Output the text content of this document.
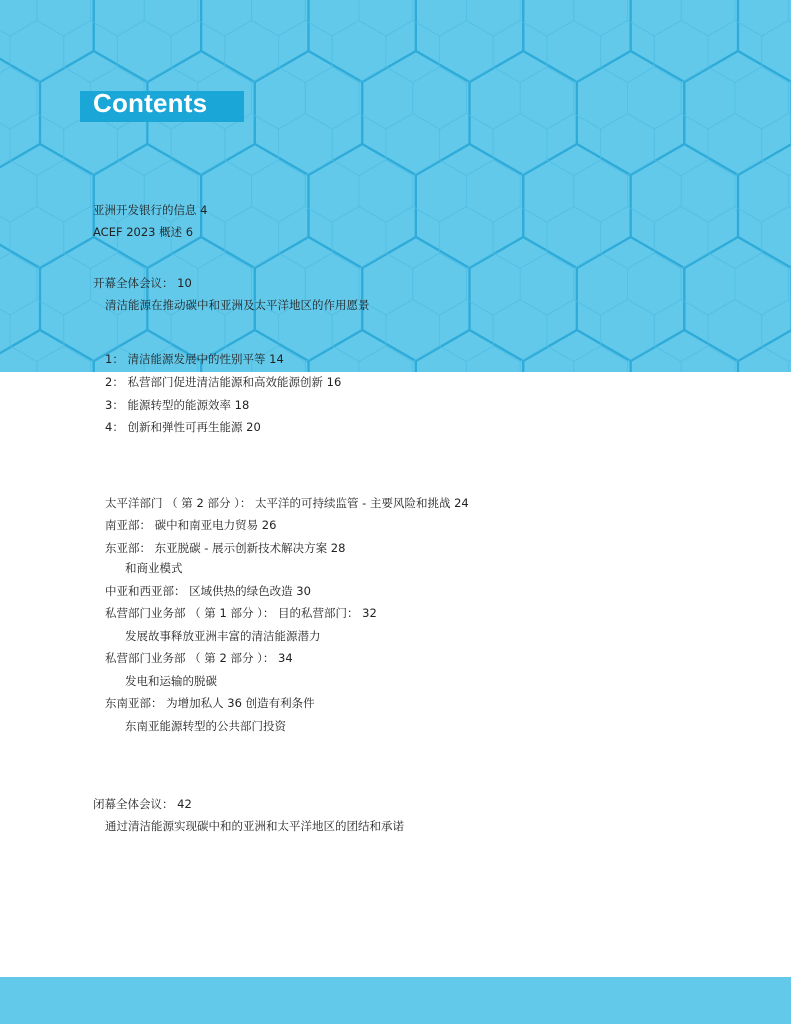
Contents
亚洲开发银行的信息 4
ACEF 2023 概述 6
开幕全体会议： 10
清洁能源在推动碳中和亚洲及太平洋地区的作用愿景
1： 清洁能源发展中的性别平等 14
2： 私营部门促进清洁能源和高效能源创新 16
3： 能源转型的能源效率 18
4： 创新和弹性可再生能源 20
太平洋部门 （ 第 2 部分 ）： 太平洋的可持续监管 - 主要风险和挑战 24
南亚部： 碳中和南亚电力贸易 26
东亚部： 东亚脱碳 - 展示创新技术解决方案 28
和商业模式
中亚和西亚部： 区域供热的绿色改造 30
私营部门业务部 （ 第 1 部分 ）： 目的私营部门： 32
发展故事释放亚洲丰富的清洁能源潜力
私营部门业务部 （ 第 2 部分 ）： 34
发电和运输的脱碳
东南亚部： 为增加私人 36 创造有利条件
东南亚能源转型的公共部门投资
闭幕全体会议： 42
通过清洁能源实现碳中和的亚洲和太平洋地区的团结和承诺
